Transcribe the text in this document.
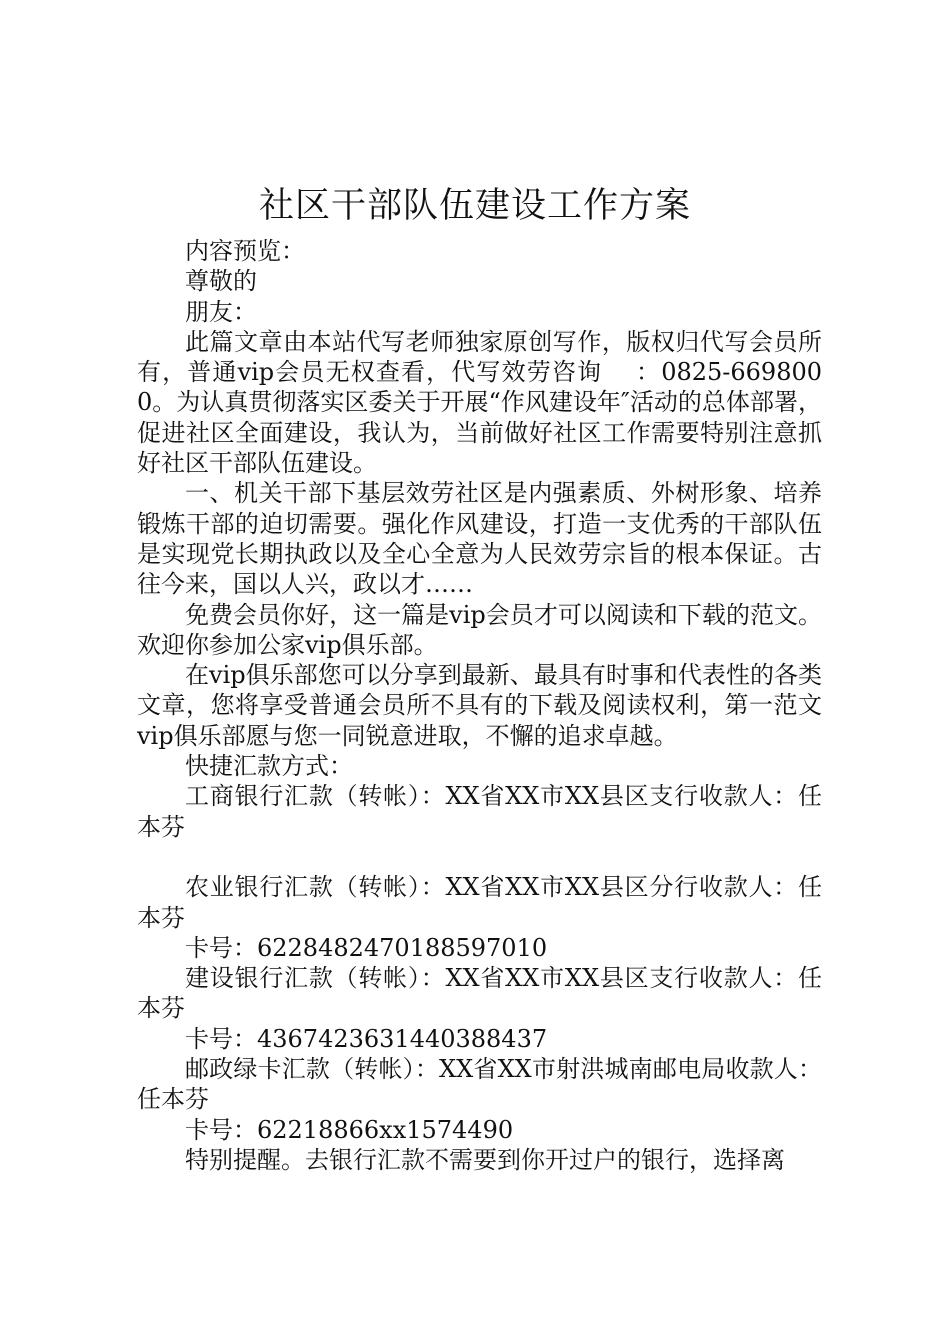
社区干部队伍建设工作方案

内容预览：

尊敬的

朋友：

此篇文章由本站代写老师独家原创写作，版权归代写会员所有，普通vip会员无权查看，代写效劳咨询　 ：0825-6698000。为认真贯彻落实区委关于开展“作风建设年″活动的总体部署，促进社区全面建设，我认为，当前做好社区工作需要特别注意抓好社区干部队伍建设。

一、机关干部下基层效劳社区是内强素质、外树形象、培养锻炼干部的迫切需要。强化作风建设，打造一支优秀的干部队伍是实现党长期执政以及全心全意为人民效劳宗旨的根本保证。古往今来，国以人兴，政以才……

免费会员你好，这一篇是vip会员才可以阅读和下载的范文。欢迎你参加公家vip俱乐部。

在vip俱乐部您可以分享到最新、最具有时事和代表性的各类文章，您将享受普通会员所不具有的下载及阅读权利，第一范文vip俱乐部愿与您一同锐意进取，不懈的追求卓越。

快捷汇款方式：

工商银行汇款（转帐）：XX省XX市XX县区支行收款人：任本芬

农业银行汇款（转帐）：XX省XX市XX县区分行收款人：任本芬

卡号：6228482470188597010

建设银行汇款（转帐）：XX省XX市XX县区支行收款人：任本芬

卡号：4367423631440388437

邮政绿卡汇款（转帐）：XX省XX市射洪城南邮电局收款人：任本芬

卡号：62218866xx1574490

特别提醒。去银行汇款不需要到你开过户的银行，选择离
